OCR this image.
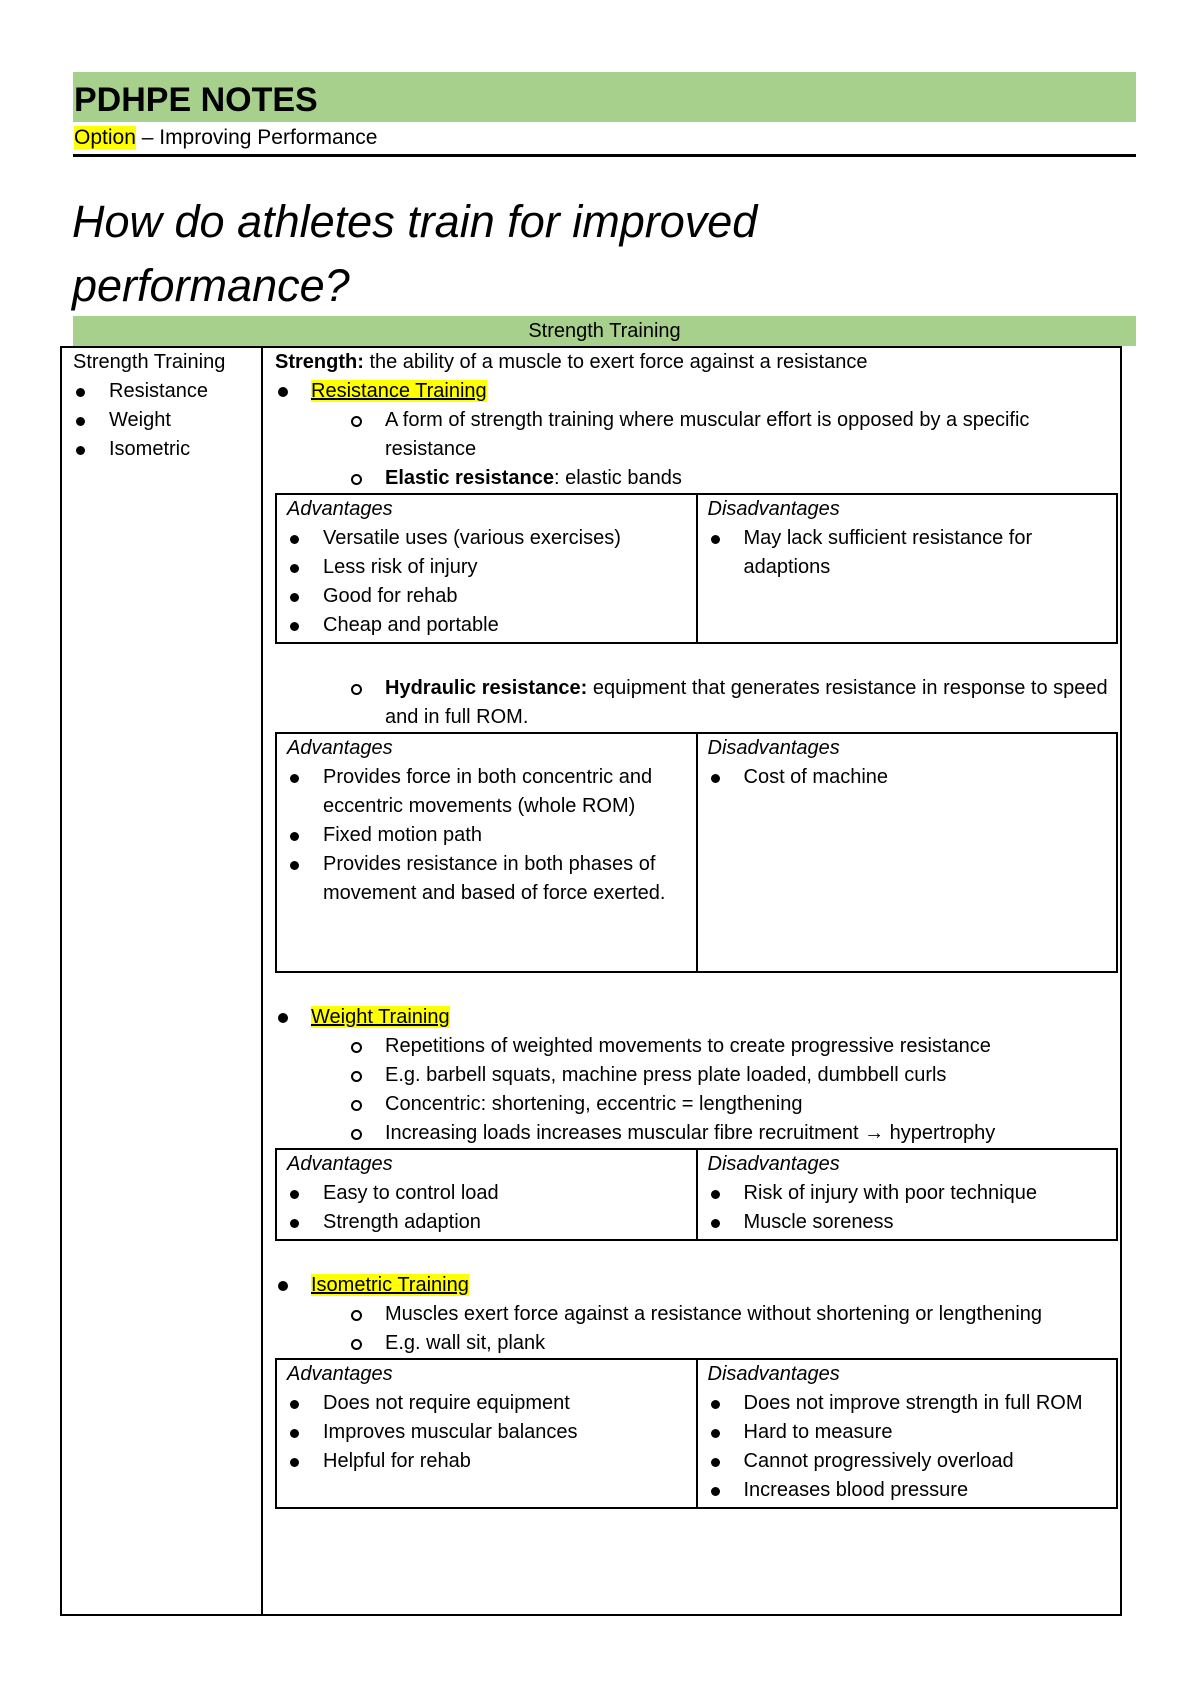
PDHPE NOTES
Option – Improving Performance
How do athletes train for improved performance?
Strength Training
Strength Training
Resistance
Weight
Isometric
Strength: the ability of a muscle to exert force against a resistance
Resistance Training
A form of strength training where muscular effort is opposed by a specific resistance
Elastic resistance: elastic bands
Advantages
Versatile uses (various exercises)
Less risk of injury
Good for rehab
Cheap and portable

Disadvantages
May lack sufficient resistance for adaptions
Hydraulic resistance: equipment that generates resistance in response to speed and in full ROM.
Advantages
Provides force in both concentric and eccentric movements (whole ROM)
Fixed motion path
Provides resistance in both phases of movement and based of force exerted.

Disadvantages
Cost of machine
Weight Training
Repetitions of weighted movements to create progressive resistance
E.g. barbell squats, machine press plate loaded, dumbbell curls
Concentric: shortening, eccentric = lengthening
Increasing loads increases muscular fibre recruitment → hypertrophy
Advantages
Easy to control load
Strength adaption

Disadvantages
Risk of injury with poor technique
Muscle soreness
Isometric Training
Muscles exert force against a resistance without shortening or lengthening
E.g. wall sit, plank
Advantages
Does not require equipment
Improves muscular balances
Helpful for rehab

Disadvantages
Does not improve strength in full ROM
Hard to measure
Cannot progressively overload
Increases blood pressure
